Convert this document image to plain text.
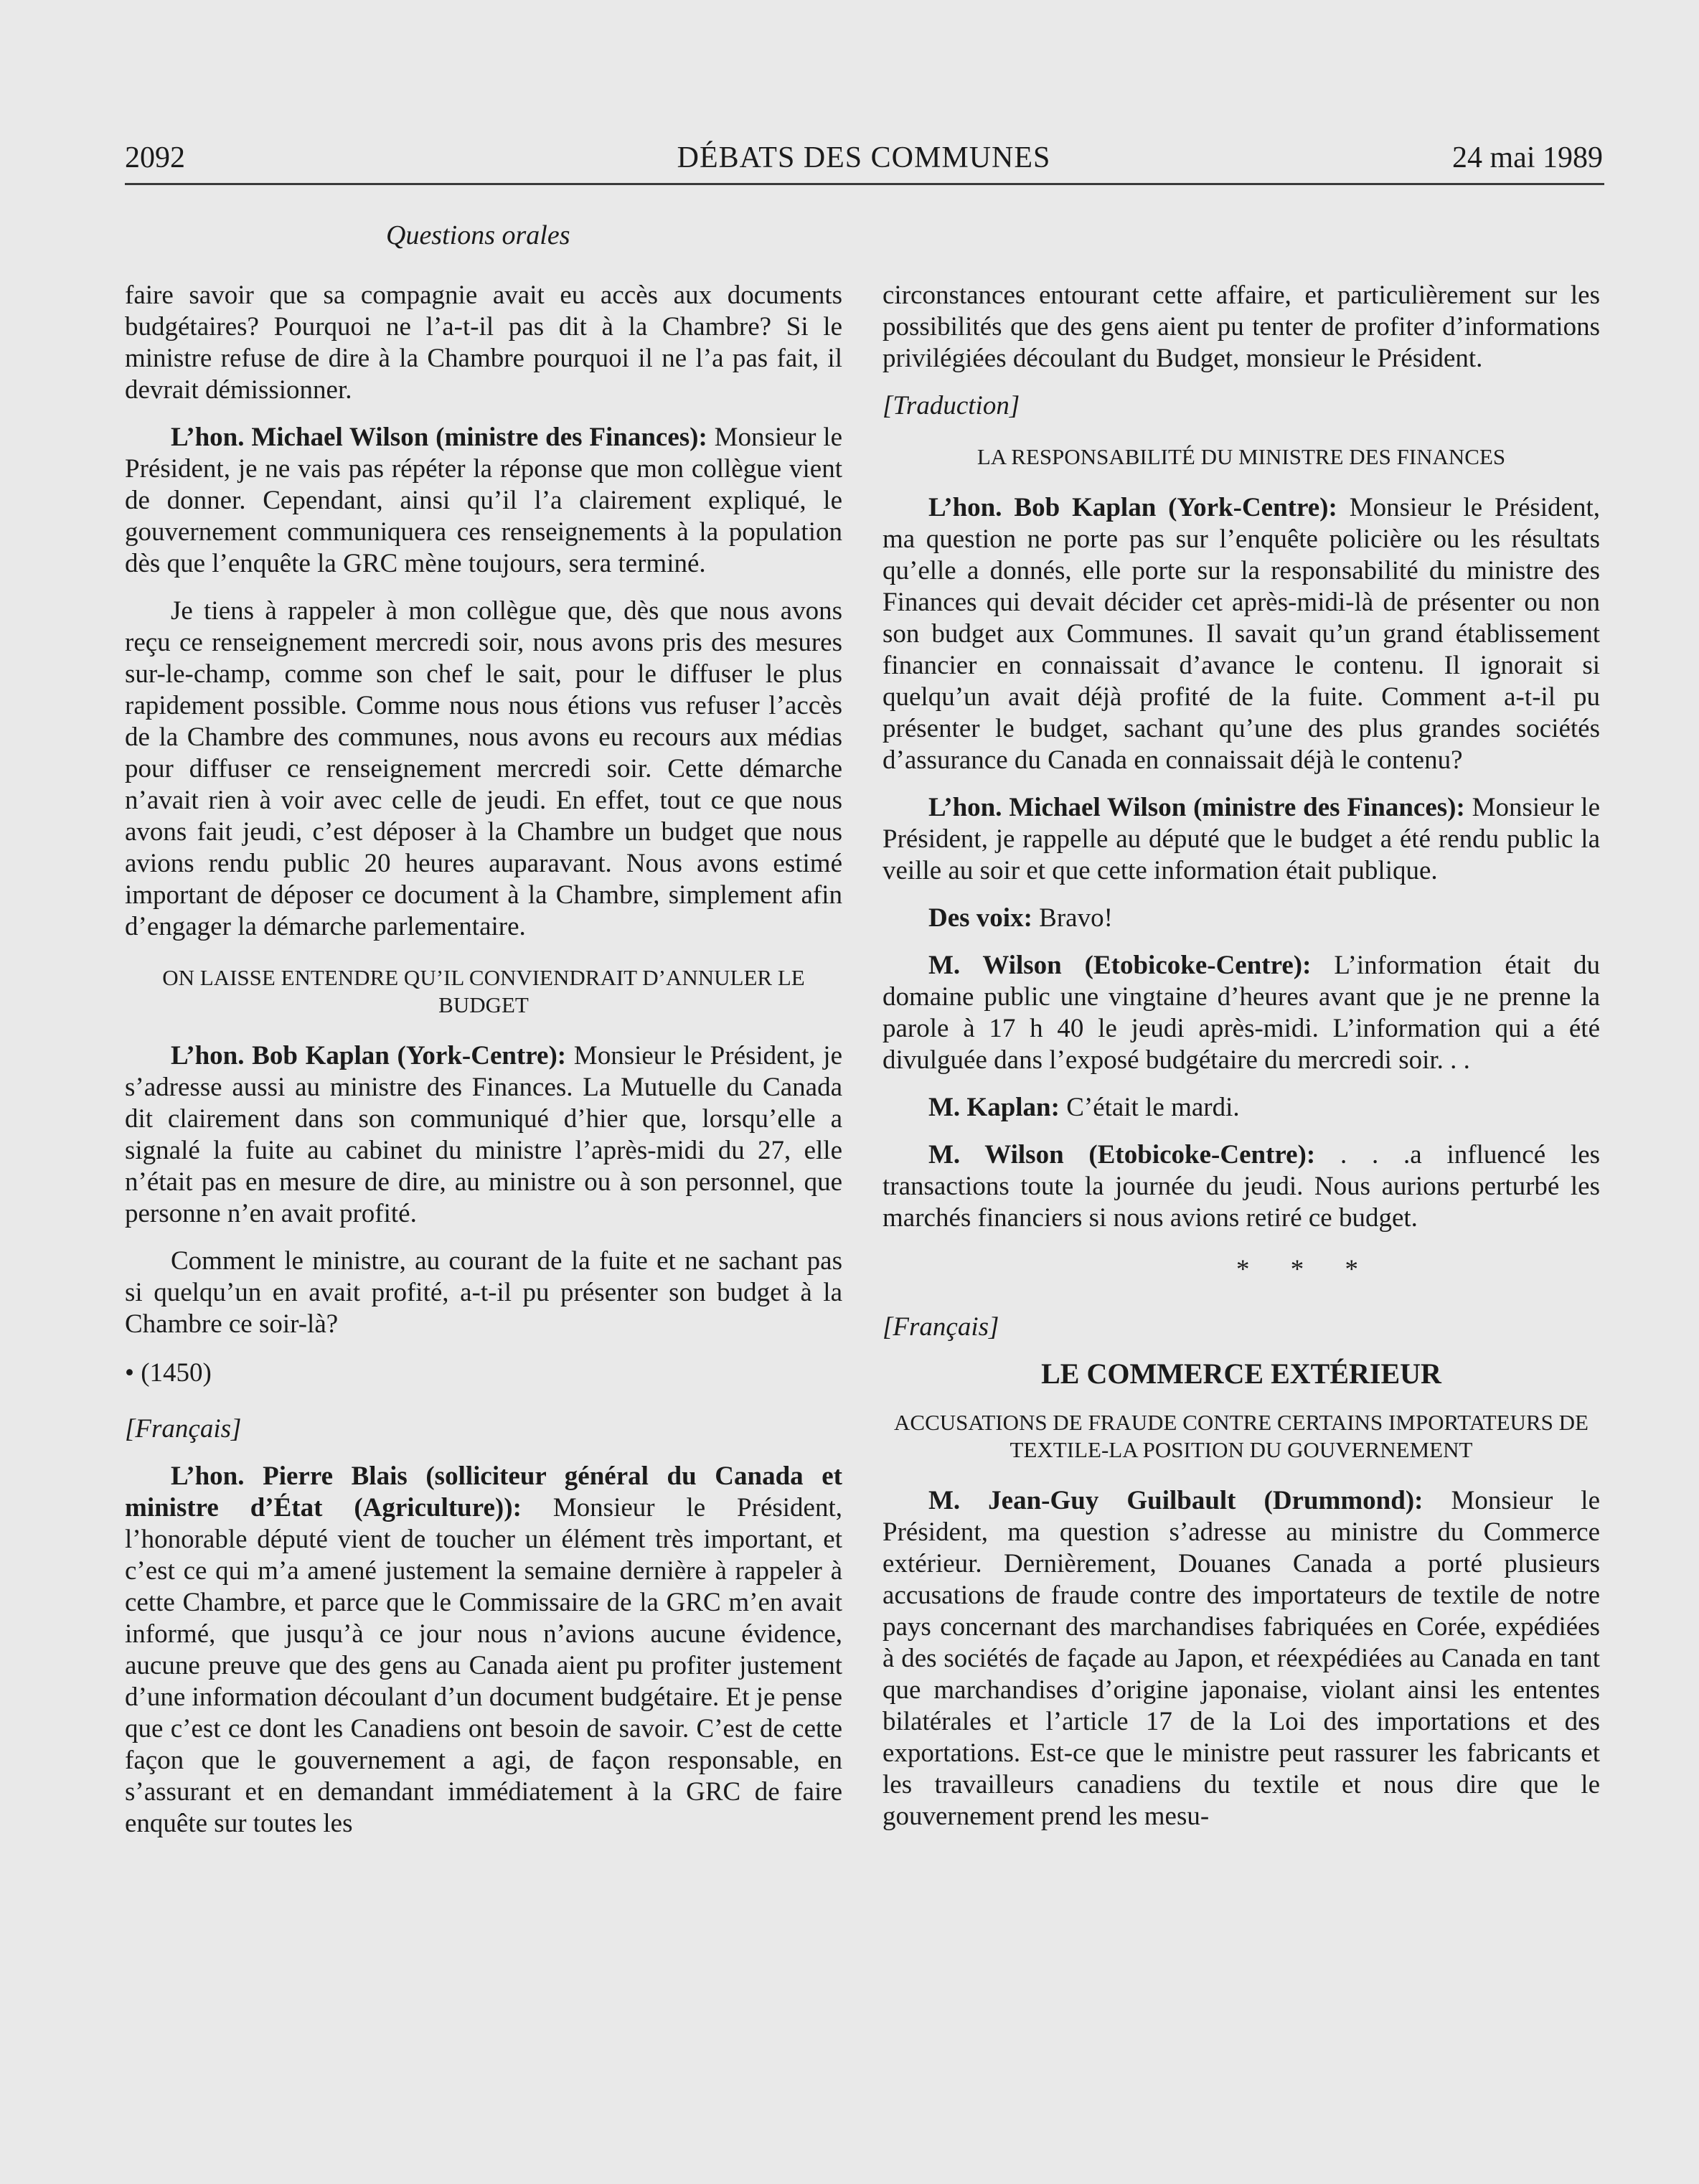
2092	DÉBATS DES COMMUNES	24 mai 1989
Questions orales

faire savoir que sa compagnie avait eu accès aux documents budgétaires? Pourquoi ne l’a-t-il pas dit à la Chambre? Si le ministre refuse de dire à la Chambre pourquoi il ne l’a pas fait, il devrait démissionner.

L’hon. Michael Wilson (ministre des Finances): Monsieur le Président, je ne vais pas répéter la réponse que mon collègue vient de donner. Cependant, ainsi qu’il l’a clairement expliqué, le gouvernement communiquera ces renseignements à la population dès que l’enquête la GRC mène toujours, sera terminé.

Je tiens à rappeler à mon collègue que, dès que nous avons reçu ce renseignement mercredi soir, nous avons pris des mesures sur-le-champ, comme son chef le sait, pour le diffuser le plus rapidement possible. Comme nous nous étions vus refuser l’accès de la Chambre des communes, nous avons eu recours aux médias pour diffuser ce renseignement mercredi soir. Cette démarche n’avait rien à voir avec celle de jeudi. En effet, tout ce que nous avons fait jeudi, c’est déposer à la Chambre un budget que nous avions rendu public 20 heures auparavant. Nous avons estimé important de déposer ce document à la Chambre, simplement afin d’engager la démarche parlementaire.

ON LAISSE ENTENDRE QU’IL CONVIENDRAIT D’ANNULER LE BUDGET

L’hon. Bob Kaplan (York-Centre): Monsieur le Président, je s’adresse aussi au ministre des Finances. La Mutuelle du Canada dit clairement dans son communiqué d’hier que, lorsqu’elle a signalé la fuite au cabinet du ministre l’après-midi du 27, elle n’était pas en mesure de dire, au ministre ou à son personnel, que personne n’en avait profité.

Comment le ministre, au courant de la fuite et ne sachant pas si quelqu’un en avait profité, a-t-il pu présenter son budget à la Chambre ce soir-là?

• (1450)
[Français]

L’hon. Pierre Blais (solliciteur général du Canada et ministre d’État (Agriculture)): Monsieur le Président, l’honorable député vient de toucher un élément très important, et c’est ce qui m’a amené justement la semaine dernière à rappeler à cette Chambre, et parce que le Commissaire de la GRC m’en avait informé, que jusqu’à ce jour nous n’avions aucune évidence, aucune preuve que des gens au Canada aient pu profiter justement d’une information découlant d’un document budgétaire. Et je pense que c’est ce dont les Canadiens ont besoin de savoir. C’est de cette façon que le gouvernement a agi, de façon responsable, en s’assurant et en demandant immédiatement à la GRC de faire enquête sur toutes les

circonstances entourant cette affaire, et particulièrement sur les possibilités que des gens aient pu tenter de profiter d’informations privilégiées découlant du Budget, monsieur le Président.

[Traduction]
LA RESPONSABILITÉ DU MINISTRE DES FINANCES

L’hon. Bob Kaplan (York-Centre): Monsieur le Président, ma question ne porte pas sur l’enquête policière ou les résultats qu’elle a donnés, elle porte sur la responsabilité du ministre des Finances qui devait décider cet après-midi-là de présenter ou non son budget aux Communes. Il savait qu’un grand établissement financier en connaissait d’avance le contenu. Il ignorait si quelqu’un avait déjà profité de la fuite. Comment a-t-il pu présenter le budget, sachant qu’une des plus grandes sociétés d’assurance du Canada en connaissait déjà le contenu?

L’hon. Michael Wilson (ministre des Finances): Monsieur le Président, je rappelle au député que le budget a été rendu public la veille au soir et que cette information était publique.

Des voix: Bravo!

M. Wilson (Etobicoke-Centre): L’information était du domaine public une vingtaine d’heures avant que je ne prenne la parole à 17 h 40 le jeudi après-midi. L’information qui a été divulguée dans l’exposé budgétaire du mercredi soir. . .

M. Kaplan: C’était le mardi.

M. Wilson (Etobicoke-Centre): . . .a influencé les transactions toute la journée du jeudi. Nous aurions perturbé les marchés financiers si nous avions retiré ce budget.

* * *
[Français]
LE COMMERCE EXTÉRIEUR
ACCUSATIONS DE FRAUDE CONTRE CERTAINS IMPORTATEURS DE TEXTILE-LA POSITION DU GOUVERNEMENT

M. Jean-Guy Guilbault (Drummond): Monsieur le Président, ma question s’adresse au ministre du Commerce extérieur. Dernièrement, Douanes Canada a porté plusieurs accusations de fraude contre des importateurs de textile de notre pays concernant des marchandises fabriquées en Corée, expédiées à des sociétés de façade au Japon, et réexpédiées au Canada en tant que marchandises d’origine japonaise, violant ainsi les ententes bilatérales et l’article 17 de la Loi des importations et des exportations. Est-ce que le ministre peut rassurer les fabricants et les travailleurs canadiens du textile et nous dire que le gouvernement prend les mesu-
